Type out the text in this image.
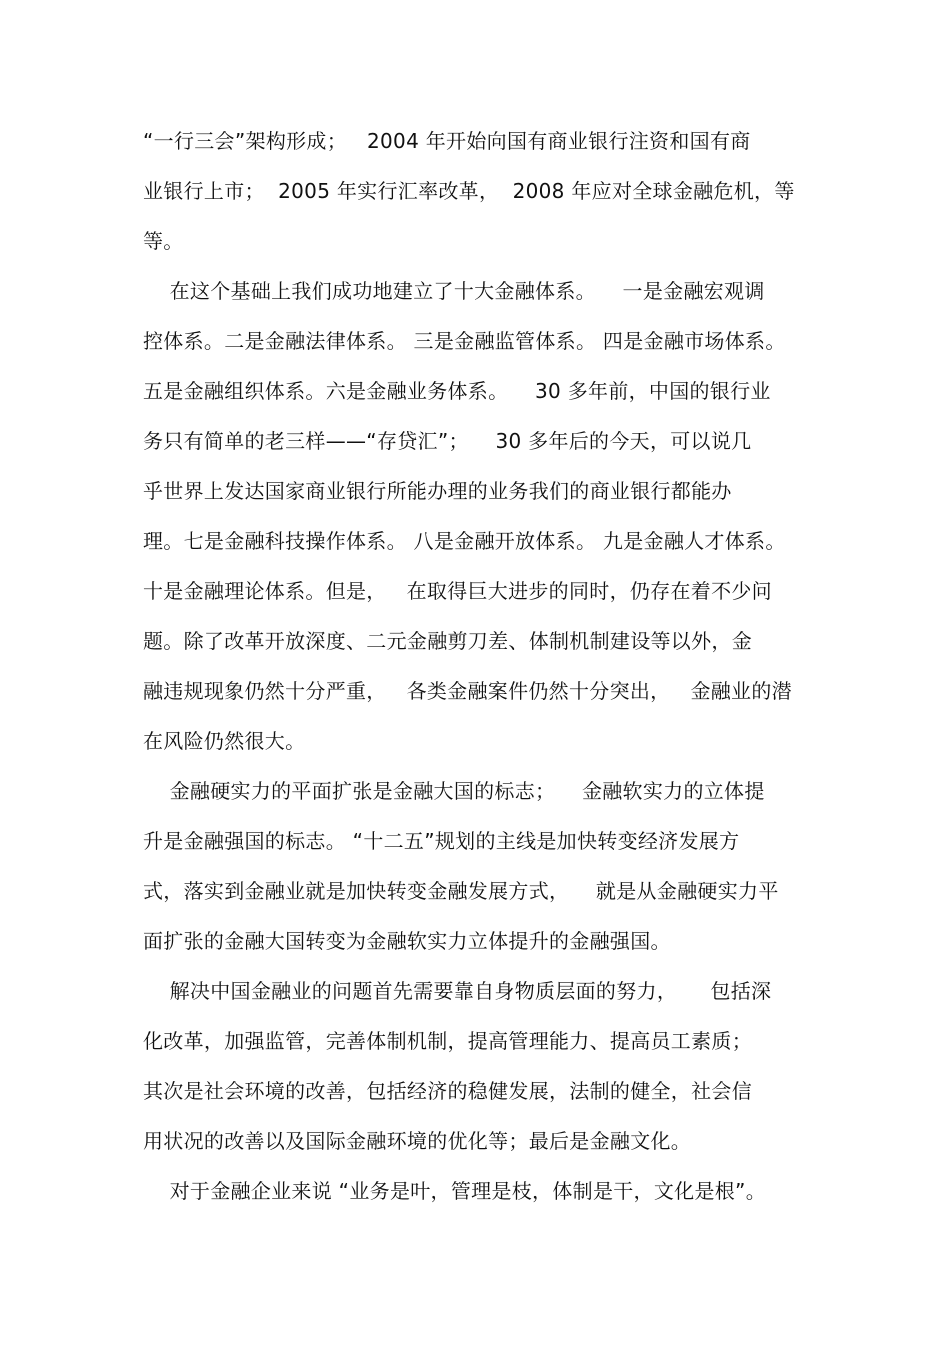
“一行三会”架构形成；   2004 年开始向国有商业银行注资和国有商
业银行上市；  2005 年实行汇率改革，  2008 年应对全球金融危机，等
等。
在这个基础上我们成功地建立了十大金融体系。    一是金融宏观调
控体系。二是金融法律体系。 三是金融监管体系。 四是金融市场体系。
五是金融组织体系。六是金融业务体系。    30 多年前，中国的银行业
务只有简单的老三样——“存贷汇”；    30 多年后的今天，可以说几
乎世界上发达国家商业银行所能办理的业务我们的商业银行都能办
理。七是金融科技操作体系。 八是金融开放体系。 九是金融人才体系。
十是金融理论体系。但是，   在取得巨大进步的同时，仍存在着不少问
题。除了改革开放深度、二元金融剪刀差、体制机制建设等以外，金
融违规现象仍然十分严重，   各类金融案件仍然十分突出，   金融业的潜
在风险仍然很大。
金融硬实力的平面扩张是金融大国的标志；    金融软实力的立体提
升是金融强国的标志。 “十二五”规划的主线是加快转变经济发展方
式，落实到金融业就是加快转变金融发展方式，    就是从金融硬实力平
面扩张的金融大国转变为金融软实力立体提升的金融强国。
解决中国金融业的问题首先需要靠自身物质层面的努力，     包括深
化改革，加强监管，完善体制机制，提高管理能力、提高员工素质；
其次是社会环境的改善，包括经济的稳健发展，法制的健全，社会信
用状况的改善以及国际金融环境的优化等；最后是金融文化。
对于金融企业来说 “业务是叶，管理是枝，体制是干，文化是根”。
